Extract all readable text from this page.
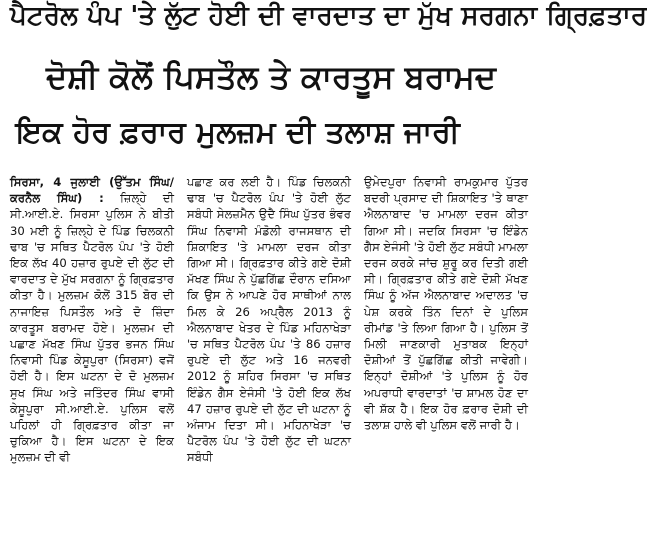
ਪੈਟਰੋਲ ਪੰਪ 'ਤੇ ਲੁੱਟ ਹੋਈ ਦੀ ਵਾਰਦਾਤ ਦਾ ਮੁੱਖ ਸਰਗਨਾ ਗ੍ਰਿਫ਼ਤਾਰ
ਦੋਸ਼ੀ ਕੋਲੋਂ ਪਿਸਤੌਲ ਤੇ ਕਾਰਤੂਸ ਬਰਾਮਦ
ਇਕ ਹੋਰ ਫ਼ਰਾਰ ਮੁਲਜ਼ਮ ਦੀ ਤਲਾਸ਼ ਜਾਰੀ
ਸਿਰਸਾ, 4 ਜੁਲਾਈ (ਉੱਤਮ ਸਿੰਘ/ਕਰਨੈਲ ਸਿੰਘ) : ਜ਼ਿਲ੍ਹੇ ਦੀ ਸੀ.ਆਈ.ਏ. ਸਿਰਸਾ ਪੁਲਿਸ ਨੇ ਬੀਤੀ 30 ਮਈ ਨੂੰ ਜ਼ਿਲ੍ਹੇ ਦੇ ਪਿੰਡ ਚਿਲਕਨੀ ਢਾਬ 'ਚ ਸਥਿਤ ਪੈਟਰੋਲ ਪੰਪ 'ਤੇ ਹੋਈ ਇਕ ਲੱਖ 40 ਹਜ਼ਾਰ ਰੁਪਏ ਦੀ ਲੁੱਟ ਦੀ ਵਾਰਦਾਤ ਦੇ ਮੁੱਖ ਸਰਗਨਾ ਨੂੰ ਗ੍ਰਿਫ਼ਤਾਰ ਕੀਤਾ ਹੈ। ਮੁਲਜ਼ਮ ਕੋਲੋਂ 315 ਬੋਰ ਦੀ ਨਾਜਾਇਜ਼ ਪਿਸਤੌਲ ਅਤੇ ਦੋ ਜ਼ਿੰਦਾ ਕਾਰਤੂਸ ਬਰਾਮਦ ਹੋਏ। ਮੁਲਜ਼ਮ ਦੀ ਪਛਾਣ ਮੱਖਣ ਸਿੰਘ ਪੁੱਤਰ ਭਜਨ ਸਿੰਘ ਨਿਵਾਸੀ ਪਿੰਡ ਕੇਸੂਪੁਰਾ (ਸਿਰਸਾ) ਵਜੋਂ ਹੋਈ ਹੈ। ਇਸ ਘਟਨਾ ਦੇ ਦੋ ਮੁਲਜ਼ਮ ਸੁਖ ਸਿੰਘ ਅਤੇ ਜਤਿੰਦਰ ਸਿੰਘ ਵਾਸੀ ਕੇਸੂਪੁਰਾ ਸੀ.ਆਈ.ਏ. ਪੁਲਿਸ ਵਲੋਂ ਪਹਿਲਾਂ ਹੀ ਗ੍ਰਿਫ਼ਤਾਰ ਕੀਤਾ ਜਾ ਚੁਕਿਆ ਹੈ। ਇਸ ਘਟਨਾ ਦੇ ਇਕ ਮੁਲਜ਼ਮ ਦੀ ਵੀ
ਪਛਾਣ ਕਰ ਲਈ ਹੈ। ਪਿੰਡ ਚਿਲਕਨੀ ਢਾਬ 'ਚ ਪੈਟਰੋਲ ਪੰਪ 'ਤੇ ਹੋਈ ਲੁੱਟ ਸਬੰਧੀ ਸੇਲਜ਼ਮੈਨ ਉਦੈ ਸਿੰਘ ਪੁੱਤਰ ਭੰਵਰ ਸਿੰਘ ਨਿਵਾਸੀ ਮੰਡੋਲੀ ਰਾਜਸਥਾਨ ਦੀ ਸ਼ਿਕਾਇਤ 'ਤੇ ਮਾਮਲਾ ਦਰਜ ਕੀਤਾ ਗਿਆ ਸੀ। ਗ੍ਰਿਫ਼ਤਾਰ ਕੀਤੇ ਗਏ ਦੋਸ਼ੀ ਮੱਖਣ ਸਿੰਘ ਨੇ ਪੁੱਛਗਿੱਛ ਦੌਰਾਨ ਦਸਿਆ ਕਿ ਉਸ ਨੇ ਆਪਣੇ ਹੋਰ ਸਾਥੀਆਂ ਨਾਲ ਮਿਲ ਕੇ 26 ਅਪ੍ਰੈਲ 2013 ਨੂੰ ਐਲਨਾਬਾਦ ਖੇਤਰ ਦੇ ਪਿੰਡ ਮਹਿਨਾਖੇੜਾ 'ਚ ਸਥਿਤ ਪੈਟਰੋਲ ਪੰਪ 'ਤੇ 86 ਹਜ਼ਾਰ ਰੁਪਏ ਦੀ ਲੁੱਟ ਅਤੇ 16 ਜਨਵਰੀ 2012 ਨੂੰ ਸ਼ਹਿਰ ਸਿਰਸਾ 'ਚ ਸਥਿਤ ਇੰਡੇਨ ਗੈਸ ਏਜੰਸੀ 'ਤੇ ਹੋਈ ਇਕ ਲੱਖ 47 ਹਜ਼ਾਰ ਰੁਪਏ ਦੀ ਲੁੱਟ ਦੀ ਘਟਨਾ ਨੂੰ ਅੰਜਾਮ ਦਿਤਾ ਸੀ। ਮਹਿਨਾਖੇੜਾ 'ਚ ਪੈਟਰੋਲ ਪੰਪ 'ਤੇ ਹੋਈ ਲੁੱਟ ਦੀ ਘਟਨਾ ਸਬੰਧੀ
ਉਮੇਦਪੁਰਾ ਨਿਵਾਸੀ ਰਾਮਕੁਮਾਰ ਪੁੱਤਰ ਬਦਰੀ ਪ੍ਰਸਾਦ ਦੀ ਸ਼ਿਕਾਇਤ 'ਤੇ ਥਾਣਾ ਐਲਨਾਬਾਦ 'ਚ ਮਾਮਲਾ ਦਰਜ ਕੀਤਾ ਗਿਆ ਸੀ। ਜਦਕਿ ਸਿਰਸਾ 'ਚ ਇੰਡੇਨ ਗੈਸ ਏਜੰਸੀ 'ਤੇ ਹੋਈ ਲੁੱਟ ਸਬੰਧੀ ਮਾਮਲਾ ਦਰਜ ਕਰਕੇ ਜਾਂਚ ਸ਼ੁਰੂ ਕਰ ਦਿਤੀ ਗਈ ਸੀ। ਗ੍ਰਿਫ਼ਤਾਰ ਕੀਤੇ ਗਏ ਦੋਸ਼ੀ ਮੱਖਣ ਸਿੰਘ ਨੂੰ ਅੱਜ ਐਲਨਾਬਾਦ ਅਦਾਲਤ 'ਚ ਪੇਸ਼ ਕਰਕੇ ਤਿੰਨ ਦਿਨਾਂ ਦੇ ਪੁਲਿਸ ਰੀਮਾਂਡ 'ਤੇ ਲਿਆ ਗਿਆ ਹੈ। ਪੁਲਿਸ ਤੋਂ ਮਿਲੀ ਜਾਣਕਾਰੀ ਮੁਤਾਬਕ ਇਨ੍ਹਾਂ ਦੋਸ਼ੀਆਂ ਤੋਂ ਪੁੱਛਗਿੱਛ ਕੀਤੀ ਜਾਵੇਗੀ। ਇਨ੍ਹਾਂ ਦੋਸ਼ੀਆਂ 'ਤੇ ਪੁਲਿਸ ਨੂੰ ਹੋਰ ਅਪਰਾਧੀ ਵਾਰਦਾਤਾਂ 'ਚ ਸ਼ਾਮਲ ਹੋਣ ਦਾ ਵੀ ਸ਼ੱਕ ਹੈ। ਇਕ ਹੋਰ ਫ਼ਰਾਰ ਦੋਸ਼ੀ ਦੀ ਤਲਾਸ਼ ਹਾਲੇ ਵੀ ਪੁਲਿਸ ਵਲੋਂ ਜਾਰੀ ਹੈ।
